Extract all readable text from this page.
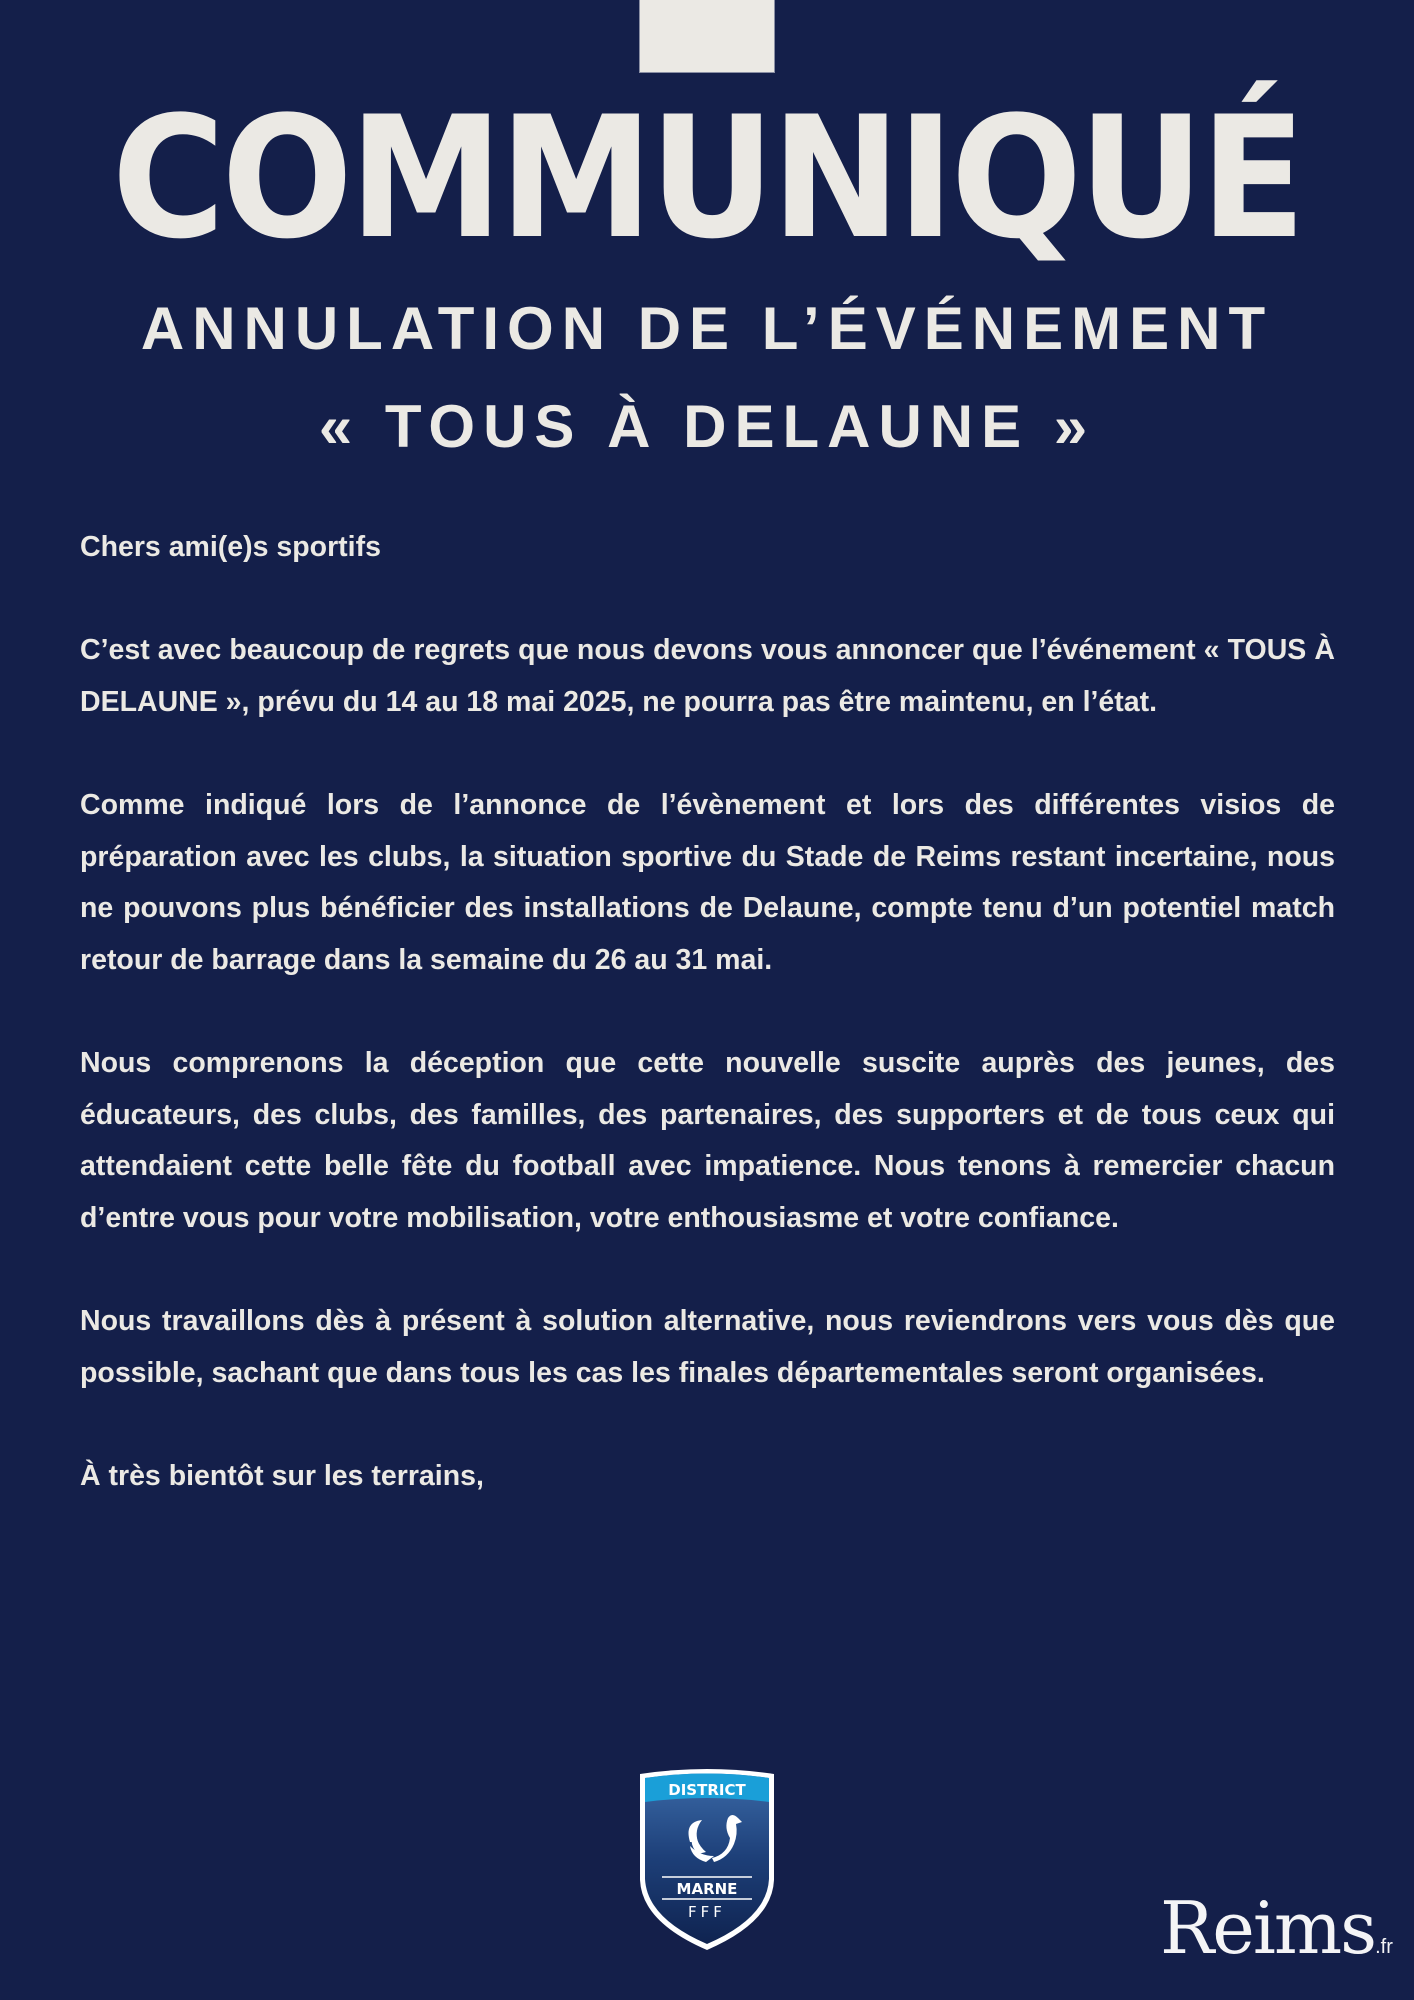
COMMUNIQUÉ
ANNULATION DE L’ÉVÉNEMENT
« TOUS À DELAUNE »

Chers ami(e)s sportifs

C’est avec beaucoup de regrets que nous devons vous annoncer que l’événement « TOUS À DELAUNE », prévu du 14 au 18 mai 2025, ne pourra pas être maintenu, en l’état.

Comme indiqué lors de l’annonce de l’évènement et lors des différentes visios de préparation avec les clubs, la situation sportive du Stade de Reims restant incertaine, nous ne pouvons plus bénéficier des installations de Delaune, compte tenu d’un potentiel match retour de barrage dans la semaine du 26 au 31 mai.

Nous comprenons la déception que cette nouvelle suscite auprès des jeunes, des éducateurs, des clubs, des familles, des partenaires, des supporters et de tous ceux qui attendaient cette belle fête du football avec impatience. Nous tenons à remercier chacun d’entre vous pour votre mobilisation, votre enthousiasme et votre confiance.

Nous travaillons dès à présent à solution alternative, nous reviendrons vers vous dès que possible, sachant que dans tous les cas les finales départementales seront organisées.

À très bientôt sur les terrains,

DISTRICT
MARNE
FFF	Reims.fr
